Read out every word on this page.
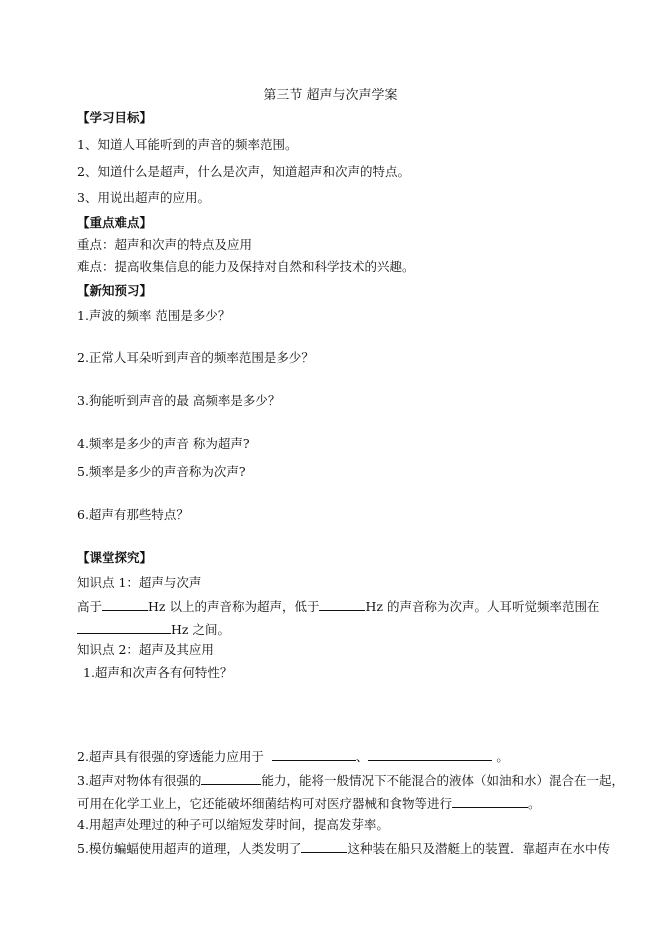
第三节 超声与次声学案
【学习目标】
1、知道人耳能听到的声音的频率范围。
2、知道什么是超声，什么是次声，知道超声和次声的特点。
3、用说出超声的应用。
【重点难点】
重点：超声和次声的特点及应用
难点：提高收集信息的能力及保持对自然和科学技术的兴趣。
【新知预习】
1.声波的频率 范围是多少？
2.正常人耳朵听到声音的频率范围是多少？
3.狗能听到声音的最 高频率是多少？
4.频率是多少的声音 称为超声?
5.频率是多少的声音称为次声?
6.超声有那些特点？
【课堂探究】
知识点 1：超声与次声
高于	Hz 以上的声音称为超声，低于	Hz 的声音称为次声。人耳听觉频率范围在
Hz 之间。
知识点 2：超声及其应用
1.超声和次声各有何特性？
2.超声具有很强的穿透能力应用于	、	。
3.超声对物体有很强的	能力，能将一般情况下不能混合的液体（如油和水）混合在一起，
可用在化学工业上，它还能破坏细菌结构可对医疗器械和食物等进行	。
4.用超声处理过的种子可以缩短发芽时间，提高发芽率。
5.模仿蝙蝠使用超声的道理，人类发明了	这种装在船只及潜艇上的装置．靠超声在水中传
